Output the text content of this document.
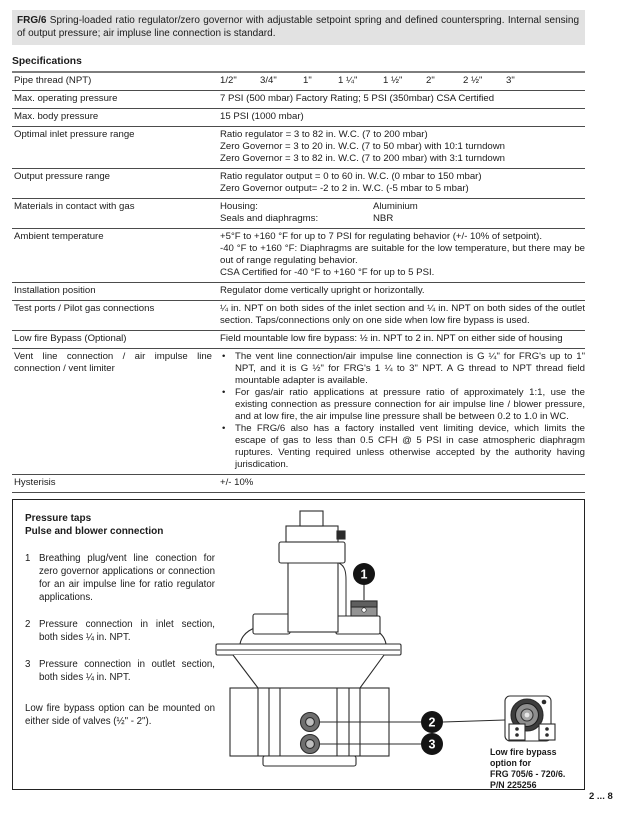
FRG/6 Spring-loaded ratio regulator/zero governor with adjustable setpoint spring and defined counterspring. Internal sensing of output pressure; air impluse line connection is standard.
Specifications
Pipe thread (NPT)	1/2"	3/4"	1"	1 ¼"	1 ½"	2"	2 ½"	3"
Max. operating pressure	7 PSI (500 mbar) Factory Rating; 5 PSI (350mbar) CSA Certified
Max. body pressure	15 PSI (1000 mbar)
Optimal inlet pressure range	Ratio regulator = 3 to 82 in. W.C. (7 to 200 mbar)
Zero Governor = 3 to 20 in. W.C. (7 to 50 mbar) with 10:1 turndown
Zero Governor = 3 to 82 in. W.C. (7 to 200 mbar) with 3:1 turndown
Output pressure range	Ratio regulator output = 0 to 60 in. W.C. (0 mbar to 150 mbar)
Zero Governor output= -2 to 2 in. W.C. (-5 mbar to 5 mbar)
Materials in contact with gas	Housing:	Aluminium
Seals and diaphragms:	NBR
Ambient temperature	+5°F to +160 °F for up to 7 PSI for regulating behavior (+/- 10% of setpoint).
-40 °F to +160 °F: Diaphragms are suitable for the low temperature, but there may be out of range regulating behavior.
CSA Certified for -40 °F to +160 °F for up to 5 PSI.
Installation position	Regulator dome vertically upright or horizontally.
Test ports / Pilot gas connections	¼ in. NPT on both sides of the inlet section and ¼ in. NPT on both sides of the outlet section. Taps/connections only on one side when low fire bypass is used.
Low fire Bypass (Optional)	Field mountable low fire bypass: ½ in. NPT to 2 in. NPT on either side of housing
Vent line connection / air impulse line connection / vent limiter
• The vent line connection/air impulse line connection is G ¼" for FRG's up to 1" NPT, and it is G ½" for FRG's 1 ¼ to 3" NPT. A G thread to NPT thread field mountable adapter is available.
• For gas/air ratio applications at pressure ratio of approximately 1:1, use the existing connection as pressure connection for air impulse line / blower pressure, and at low fire, the air impulse line pressure shall be between 0.2 to 1.0 in WC.
• The FRG/6 also has a factory installed vent limiting device, which limits the escape of gas to less than 0.5 CFH @ 5 PSI in case atmospheric diaphragm ruptures. Venting required unless otherwise accepted by the authority having jurisdication.
Hysterisis	+/- 10%
Pressure taps
Pulse and blower connection
1 Breathing plug/vent line conection for zero governor applications or connection for an air impulse line for ratio regulator applications.
2 Pressure connection in inlet section, both sides ¼ in. NPT.
3 Pressure connection in outlet section, both sides ¼ in. NPT.
Low fire bypass option can be mounted on either side of valves (½" - 2").
1
2
3
Low fire bypass
option for
FRG 705/6 - 720/6.
P/N 225256
2 ... 8
